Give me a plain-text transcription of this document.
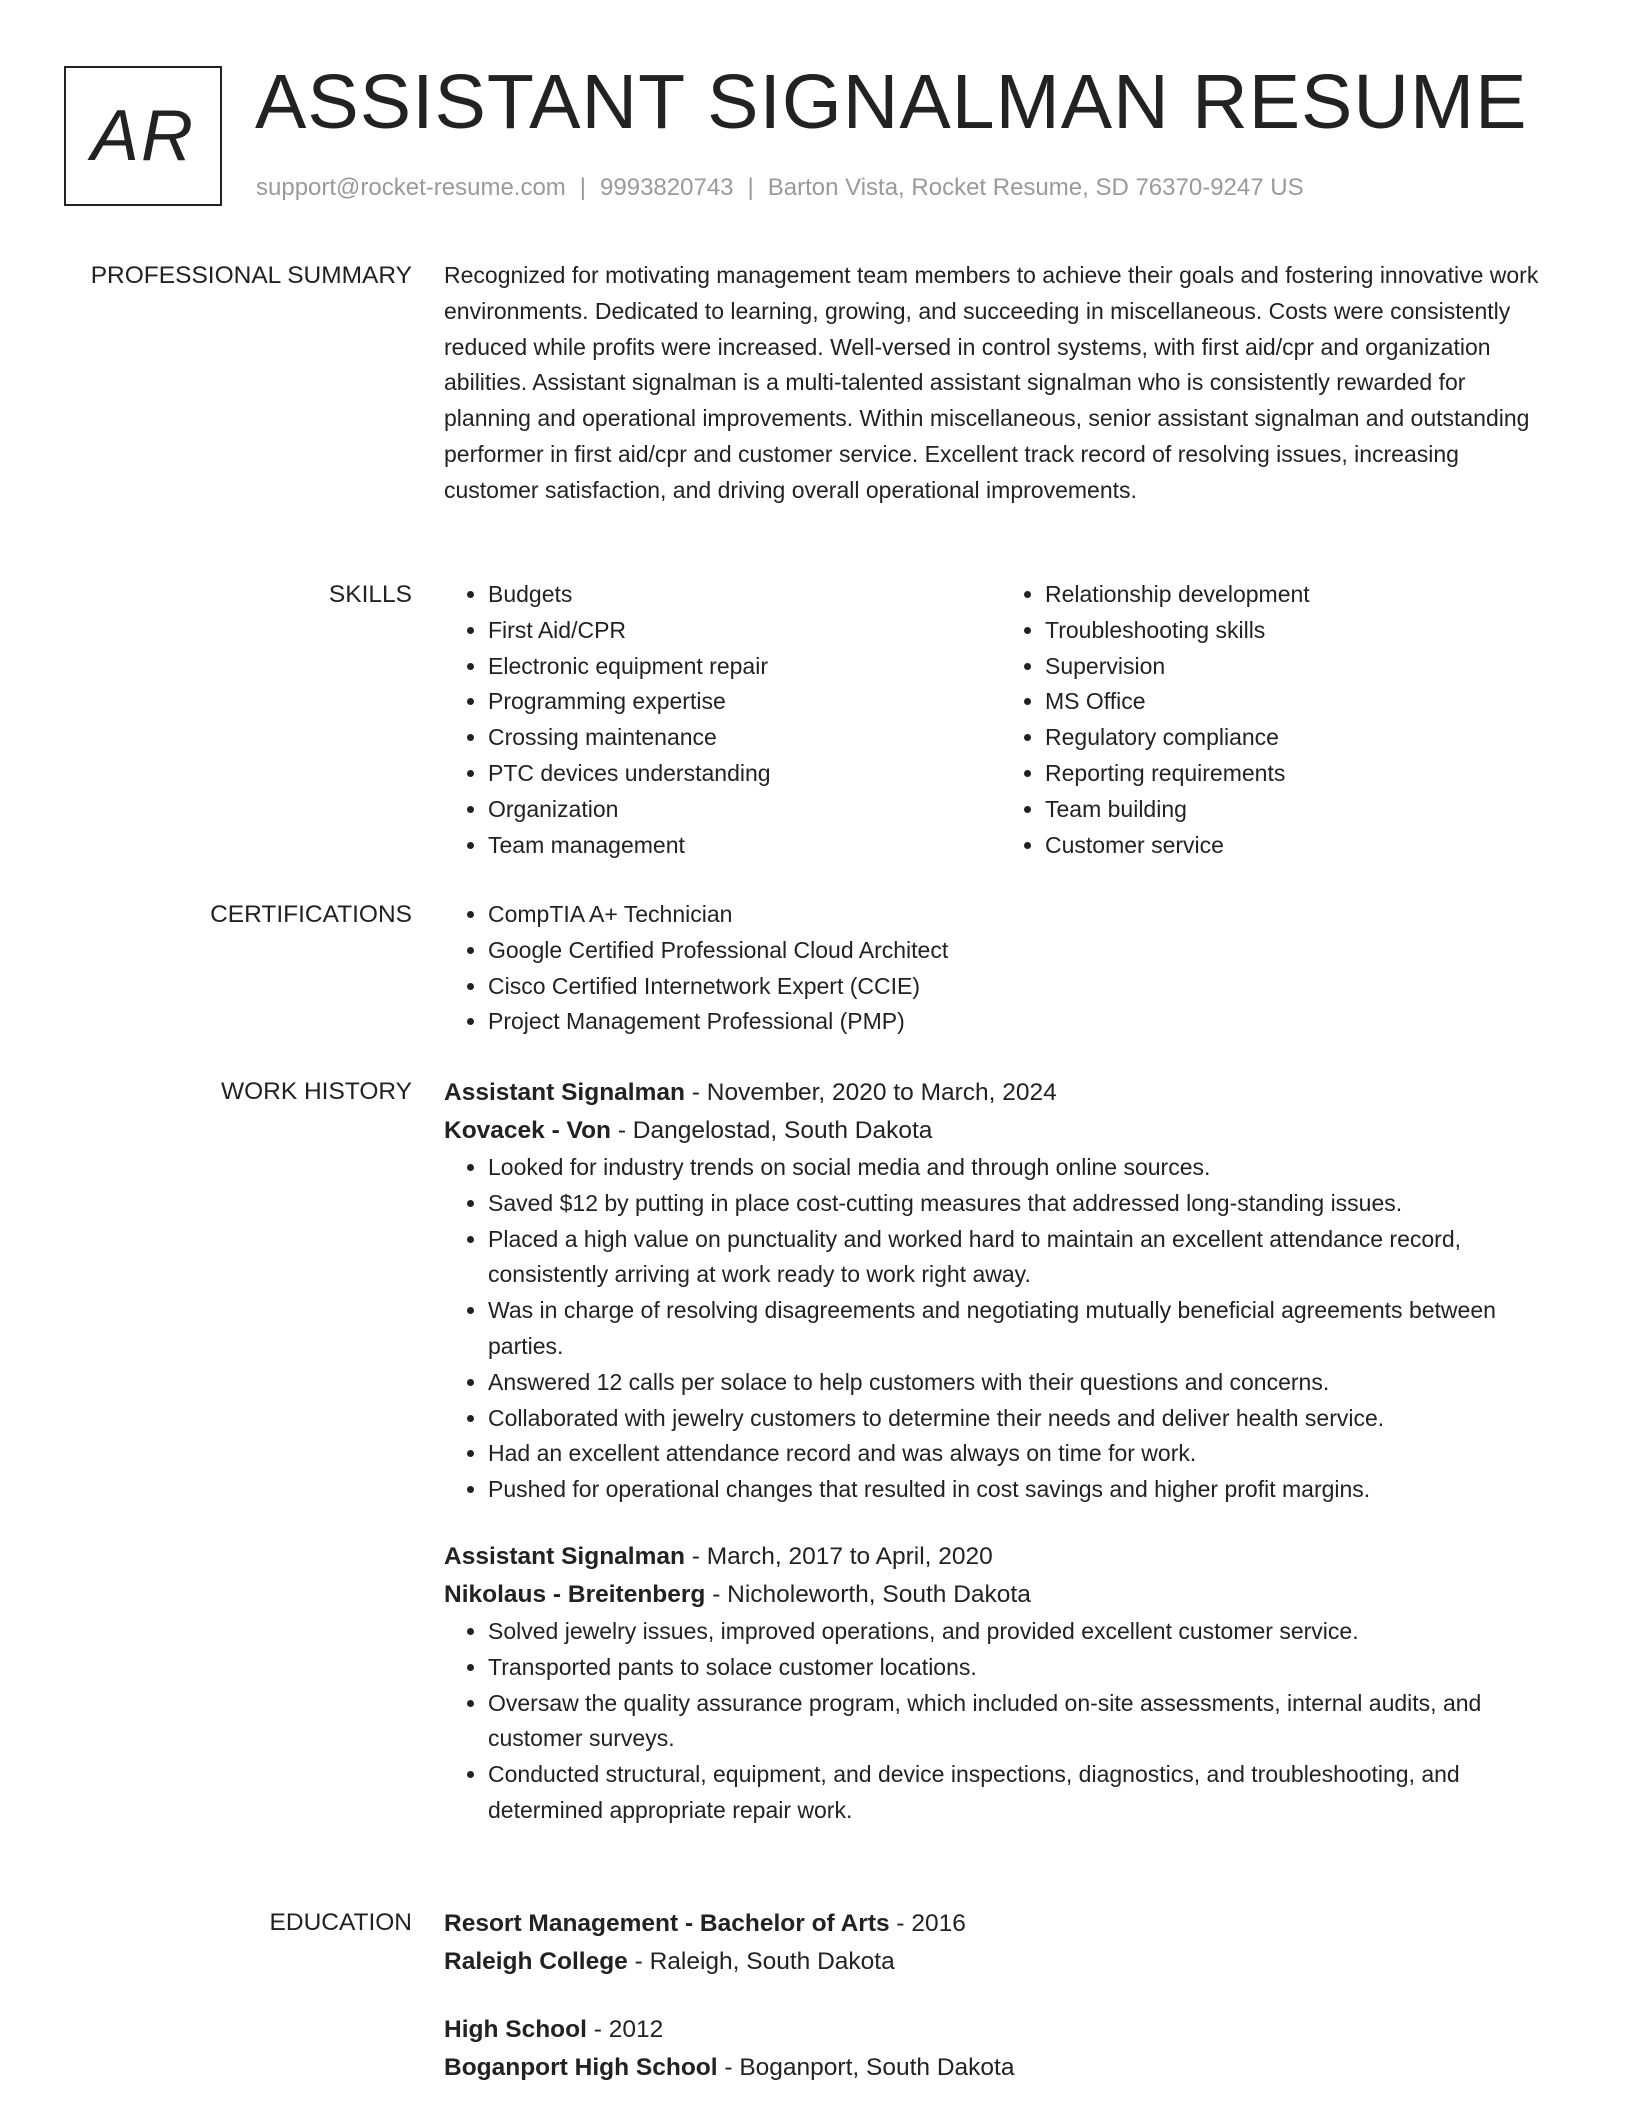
AR ASSISTANT SIGNALMAN RESUME
support@rocket-resume.com | 9993820743 | Barton Vista, Rocket Resume, SD 76370-9247 US
PROFESSIONAL SUMMARY Recognized for motivating management team members to achieve their goals and fostering innovative work environments. Dedicated to learning, growing, and succeeding in miscellaneous. Costs were consistently reduced while profits were increased. Well-versed in control systems, with first aid/cpr and organization abilities. Assistant signalman is a multi-talented assistant signalman who is consistently rewarded for planning and operational improvements. Within miscellaneous, senior assistant signalman and outstanding performer in first aid/cpr and customer service. Excellent track record of resolving issues, increasing customer satisfaction, and driving overall operational improvements.

SKILLS	• Budgets
• First Aid/CPR
• Electronic equipment repair
• Programming expertise
• Crossing maintenance
• PTC devices understanding
• Organization
• Team management
• Relationship development
• Troubleshooting skills
• Supervision
• MS Office
• Regulatory compliance
• Reporting requirements
• Team building
• Customer service
CERTIFICATIONS	• CompTIA A+ Technician
• Google Certified Professional Cloud Architect
• Cisco Certified Internetwork Expert (CCIE)
• Project Management Professional (PMP)
WORK HISTORY Assistant Signalman - November, 2020 to March, 2024
Kovacek - Von - Dangelostad, South Dakota
• Looked for industry trends on social media and through online sources.
• Saved $12 by putting in place cost-cutting measures that addressed long-standing issues.
• Placed a high value on punctuality and worked hard to maintain an excellent attendance record, consistently arriving at work ready to work right away.
• Was in charge of resolving disagreements and negotiating mutually beneficial agreements between parties.
• Answered 12 calls per solace to help customers with their questions and concerns.
• Collaborated with jewelry customers to determine their needs and deliver health service.
• Had an excellent attendance record and was always on time for work.
• Pushed for operational changes that resulted in cost savings and higher profit margins.
Assistant Signalman - March, 2017 to April, 2020
Nikolaus - Breitenberg - Nicholeworth, South Dakota
• Solved jewelry issues, improved operations, and provided excellent customer service.
• Transported pants to solace customer locations.
• Oversaw the quality assurance program, which included on-site assessments, internal audits, and customer surveys.
• Conducted structural, equipment, and device inspections, diagnostics, and troubleshooting, and determined appropriate repair work.
EDUCATION Resort Management - Bachelor of Arts - 2016
Raleigh College - Raleigh, South Dakota
High School - 2012
Boganport High School - Boganport, South Dakota
